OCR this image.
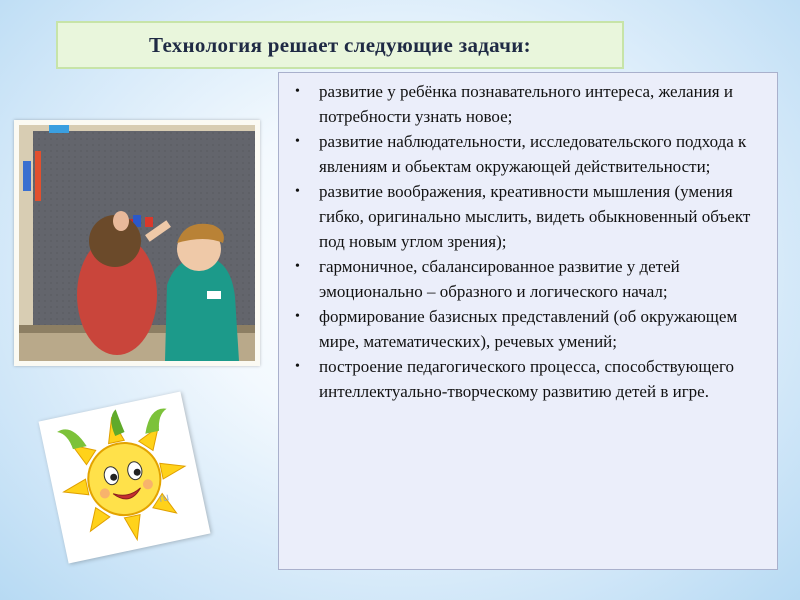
Технология решает следующие задачи:
ru
• развитие у ребёнка познавательного интереса, желания и потребности узнать новое;
• развитие наблюдательности, исследовательского подхода к явлениям и обьектам окружающей действительности;
• развитие воображения, креативности мышления (умения гибко, оригинально мыслить, видеть обыкновенный объект под новым углом зрения);
• гармоничное, сбалансированное развитие у детей эмоционально – образного и логического начал;
• формирование базисных представлений (об окружающем мире, математических), речевых умений;
• построение педагогического процесса, способствующего интеллектуально-творческому развитию детей в игре.
